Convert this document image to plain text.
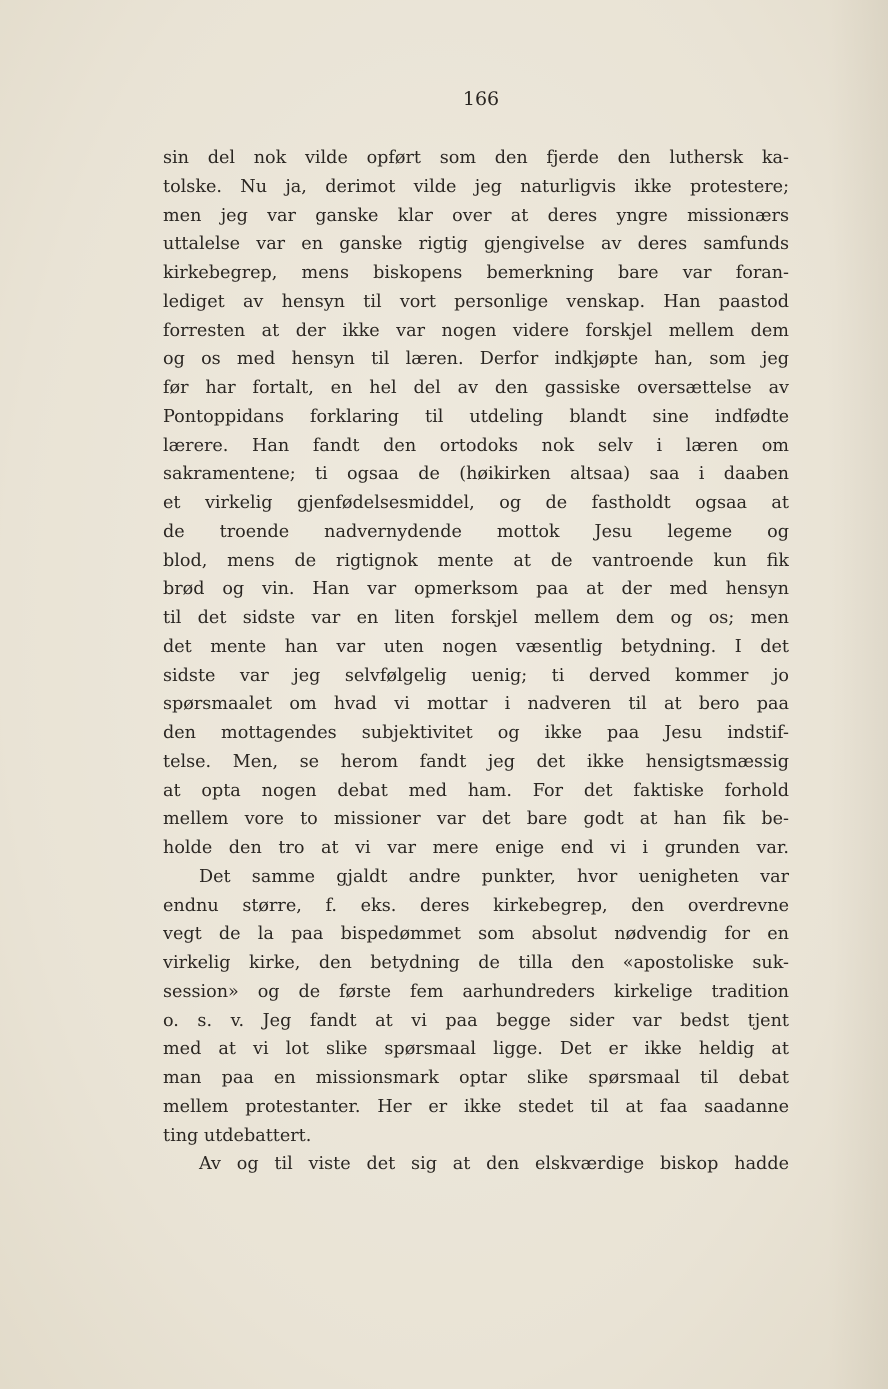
166
sin del nok vilde opført som den fjerde den luthersk ka-
tolske. Nu ja, derimot vilde jeg naturligvis ikke protestere;
men jeg var ganske klar over at deres yngre missionærs
uttalelse var en ganske rigtig gjengivelse av deres samfunds
kirkebegrep, mens biskopens bemerkning bare var foran-
lediget av hensyn til vort personlige venskap. Han paastod
forresten at der ikke var nogen videre forskjel mellem dem
og os med hensyn til læren. Derfor indkjøpte han, som jeg
før har fortalt, en hel del av den gassiske oversættelse av
Pontoppidans forklaring til utdeling blandt sine indfødte
lærere. Han fandt den ortodoks nok selv i læren om
sakramentene; ti ogsaa de (høikirken altsaa) saa i daaben
et virkelig gjenfødelsesmiddel, og de fastholdt ogsaa at
de troende nadvernydende mottok Jesu legeme og
blod, mens de rigtignok mente at de vantroende kun fik
brød og vin. Han var opmerksom paa at der med hensyn
til det sidste var en liten forskjel mellem dem og os; men
det mente han var uten nogen væsentlig betydning. I det
sidste var jeg selvfølgelig uenig; ti derved kommer jo
spørsmaalet om hvad vi mottar i nadveren til at bero paa
den mottagendes subjektivitet og ikke paa Jesu indstif-
telse. Men, se herom fandt jeg det ikke hensigtsmæssig
at opta nogen debat med ham. For det faktiske forhold
mellem vore to missioner var det bare godt at han fik be-
holde den tro at vi var mere enige end vi i grunden var.
Det samme gjaldt andre punkter, hvor uenigheten var
endnu større, f. eks. deres kirkebegrep, den overdrevne
vegt de la paa bispedømmet som absolut nødvendig for en
virkelig kirke, den betydning de tilla den «apostoliske suk-
session» og de første fem aarhundreders kirkelige tradition
o. s. v. Jeg fandt at vi paa begge sider var bedst tjent
med at vi lot slike spørsmaal ligge. Det er ikke heldig at
man paa en missionsmark optar slike spørsmaal til debat
mellem protestanter. Her er ikke stedet til at faa saadanne
ting utdebattert.
Av og til viste det sig at den elskværdige biskop hadde
